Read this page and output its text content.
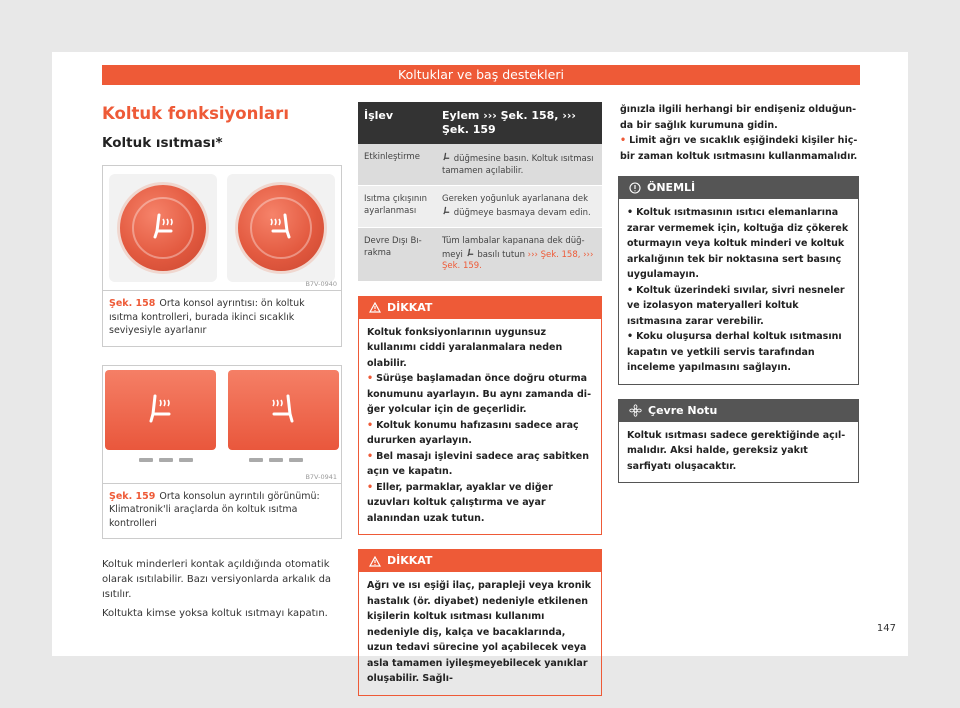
Koltuklar ve baş destekleri
Koltuk fonksiyonları
Koltuk ısıtması*
B7V-0940
Şek. 158 Orta konsol ayrıntısı: ön koltuk ısıtma kontrolleri, burada ikinci sıcaklık seviyesiyle ayarlanır
B7V-0941
Şek. 159 Orta konsolun ayrıntılı görünümü: Klimatronik'li araçlarda ön koltuk ısıtma kontrolleri

Koltuk minderleri kontak açıldığında otomatik olarak ısıtılabilir. Bazı versiyonlarda arkalık da ısıtılır.

Koltukta kimse yoksa koltuk ısıtmayı kapatın.

İşlev	Eylem ››› Şek. 158, ››› Şek. 159
Etkinleştirme	düğmesine basın. Koltuk ısıtması tamamen açılabilir.
Isıtma çıkışının ayarlanması	Gereken yoğunluk ayarlanana dek  düğmeye basmaya devam edin.
Devre Dışı Bırakma	Tüm lambalar kapanana dek düğmeyi basılı tutun ››› Şek. 158, ››› Şek. 159.
DİKKAT
Koltuk fonksiyonlarının uygunsuz kullanımı ciddi yaralanmalara neden olabilir.
• Sürüşe başlamadan önce doğru oturma konumunu ayarlayın. Bu aynı zamanda diğer yolcular için de geçerlidir.
• Koltuk konumu hafızasını sadece araç dururken ayarlayın.
• Bel masajı işlevini sadece araç sabitken açın ve kapatın.
• Eller, parmaklar, ayaklar ve diğer uzuvları koltuk çalıştırma ve ayar alanından uzak tutun.
DİKKAT
Ağrı ve ısı eşiği ilaç, parapleji veya kronik hastalık (ör. diyabet) nedeniyle etkilenen kişilerin koltuk ısıtması kullanımı nedeniyle diş, kalça ve bacaklarında, uzun tedavi sürecine yol açabilecek veya asla tamamen iyileşmeyebilecek yanıklar oluşabilir. Sağlı-
ğınızla ilgili herhangi bir endişeniz olduğunda bir sağlık kurumuna gidin.
• Limit ağrı ve sıcaklık eşiğindeki kişiler hiçbir zaman koltuk ısıtmasını kullanmamalıdır.
ÖNEMLİ
• Koltuk ısıtmasının ısıtıcı elemanlarına zarar vermemek için, koltuğa diz çökerek oturmayın veya koltuk minderi ve koltuk arkalığının tek bir noktasına sert basınç uygulamayın.
• Koltuk üzerindeki sıvılar, sivri nesneler ve izolasyon materyalleri koltuk ısıtmasına zarar verebilir.
• Koku oluşursa derhal koltuk ısıtmasını kapatın ve yetkili servis tarafından inceleme yapılmasını sağlayın.
Çevre Notu
Koltuk ısıtması sadece gerektiğinde açılmalıdır. Aksi halde, gereksiz yakıt sarfiyatı oluşacaktır.
147
